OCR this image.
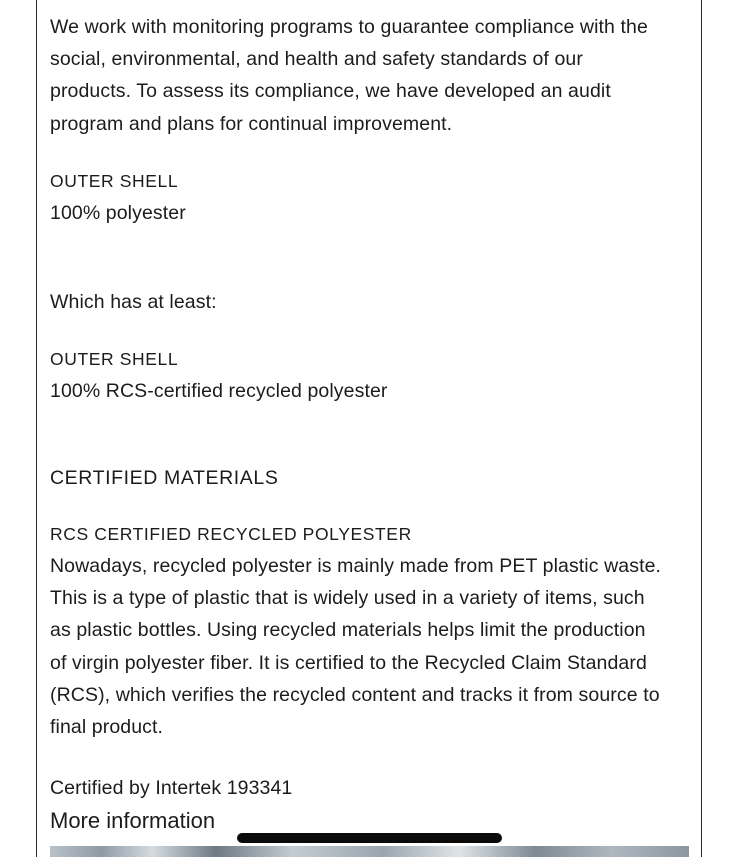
We work with monitoring programs to guarantee compliance with the

social, environmental, and health and safety standards of our

products. To assess its compliance, we have developed an audit

program and plans for continual improvement.

OUTER SHELL

100% polyester

Which has at least:

OUTER SHELL

100% RCS-certified recycled polyester

CERTIFIED MATERIALS

RCS CERTIFIED RECYCLED POLYESTER

Nowadays, recycled polyester is mainly made from PET plastic waste.

This is a type of plastic that is widely used in a variety of items, such

as plastic bottles. Using recycled materials helps limit the production

of virgin polyester fiber. It is certified to the Recycled Claim Standard

(RCS), which verifies the recycled content and tracks it from source to

final product.

Certified by Intertek 193341

More information
